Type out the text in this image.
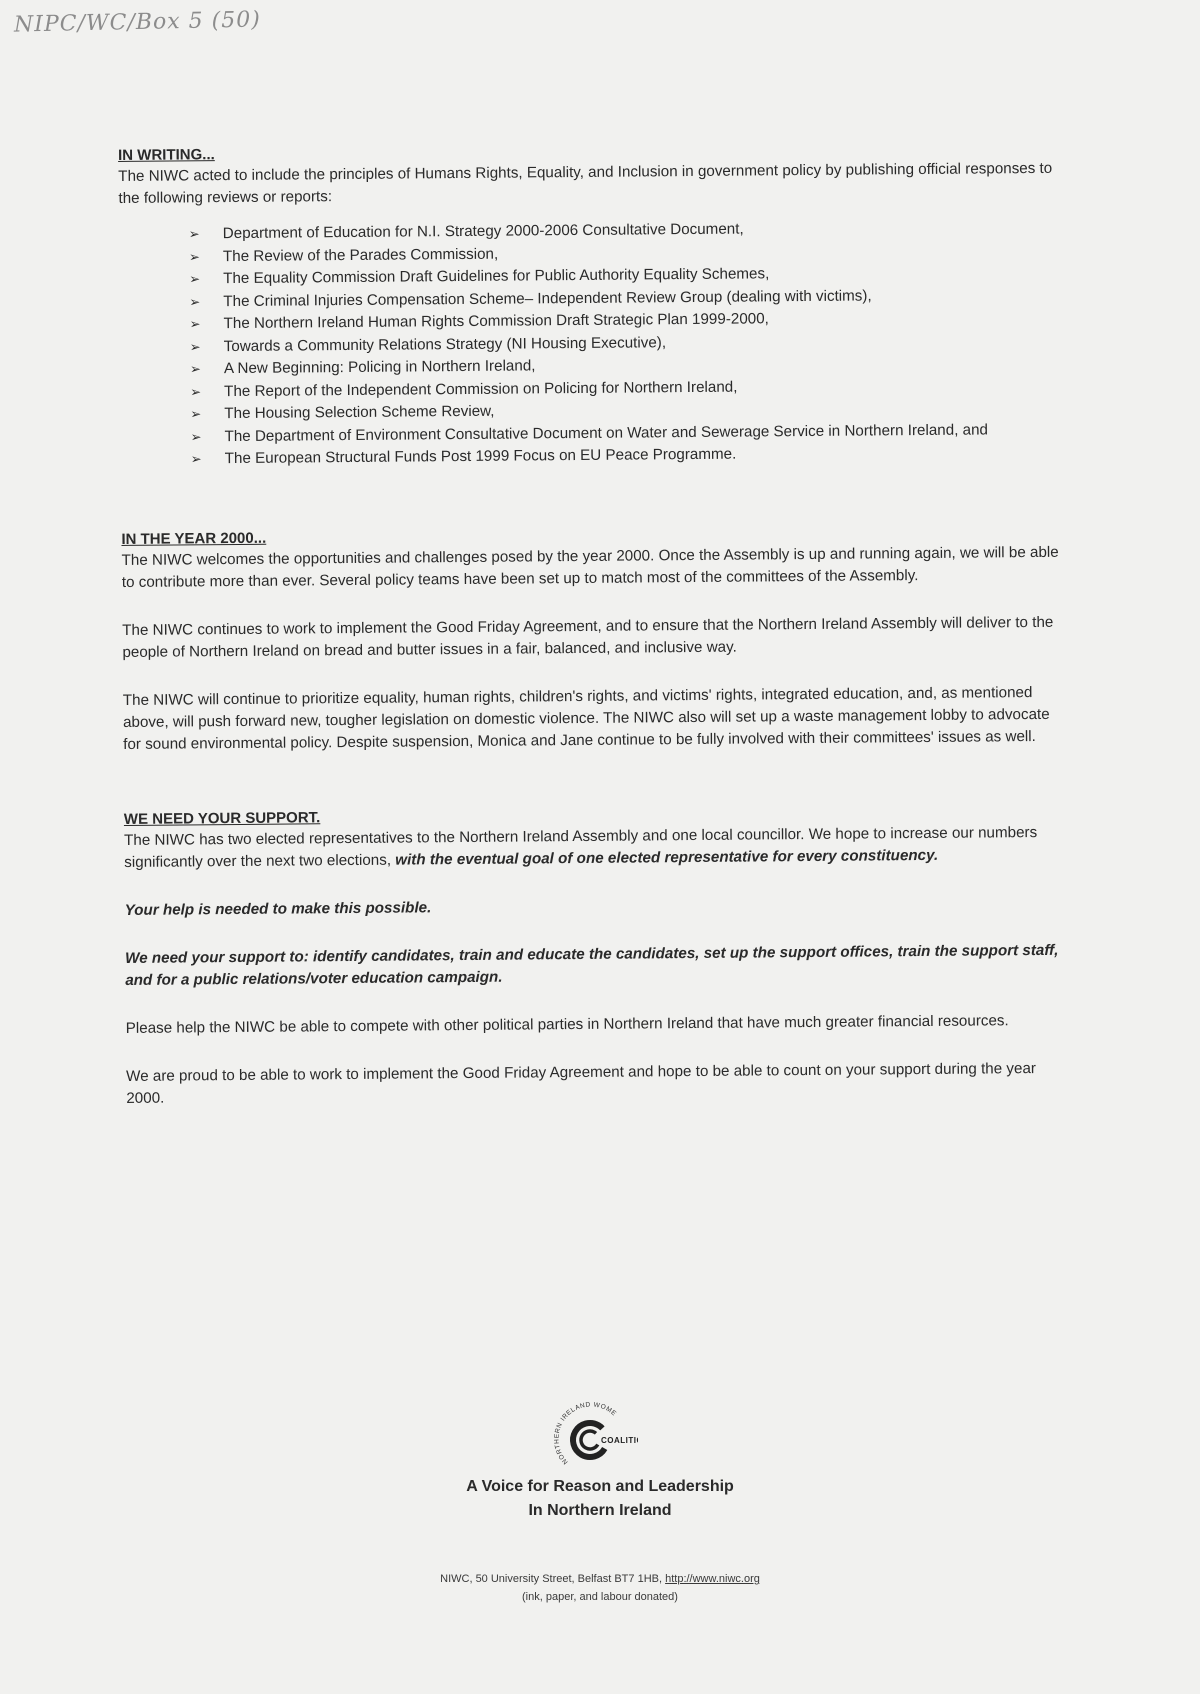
NIPC/WC/Box 5 (50)
IN WRITING...

The NIWC acted to include the principles of Humans Rights, Equality, and Inclusion in government policy by publishing official responses to the following reviews or reports:

➢ Department of Education for N.I. Strategy 2000-2006 Consultative Document,
➢ The Review of the Parades Commission,
➢ The Equality Commission Draft Guidelines for Public Authority Equality Schemes,
➢ The Criminal Injuries Compensation Scheme– Independent Review Group (dealing with victims),
➢ The Northern Ireland Human Rights Commission Draft Strategic Plan 1999-2000,
➢ Towards a Community Relations Strategy (NI Housing Executive),
➢ A New Beginning: Policing in Northern Ireland,
➢ The Report of the Independent Commission on Policing for Northern Ireland,
➢ The Housing Selection Scheme Review,
➢ The Department of Environment Consultative Document on Water and Sewerage Service in Northern Ireland, and
➢ The European Structural Funds Post 1999 Focus on EU Peace Programme.
IN THE YEAR 2000...

The NIWC welcomes the opportunities and challenges posed by the year 2000. Once the Assembly is up and running again, we will be able to contribute more than ever. Several policy teams have been set up to match most of the committees of the Assembly.

The NIWC continues to work to implement the Good Friday Agreement, and to ensure that the Northern Ireland Assembly will deliver to the people of Northern Ireland on bread and butter issues in a fair, balanced, and inclusive way.

The NIWC will continue to prioritize equality, human rights, children's rights, and victims' rights, integrated education, and, as mentioned above, will push forward new, tougher legislation on domestic violence. The NIWC also will set up a waste management lobby to advocate for sound environmental policy. Despite suspension, Monica and Jane continue to be fully involved with their committees' issues as well.

WE NEED YOUR SUPPORT.

The NIWC has two elected representatives to the Northern Ireland Assembly and one local councillor. We hope to increase our numbers significantly over the next two elections, with the eventual goal of one elected representative for every constituency.

Your help is needed to make this possible.

We need your support to: identify candidates, train and educate the candidates, set up the support offices, train the support staff, and for a public relations/voter education campaign.

Please help the NIWC be able to compete with other political parties in Northern Ireland that have much greater financial resources.

We are proud to be able to work to implement the Good Friday Agreement and hope to be able to count on your support during the year 2000.

NORTHERN IRELAND WOME
COALITI
A Voice for Reason and Leadership
In Northern Ireland
NIWC, 50 University Street, Belfast BT7 1HB, http://www.niwc.org
(ink, paper, and labour donated)
